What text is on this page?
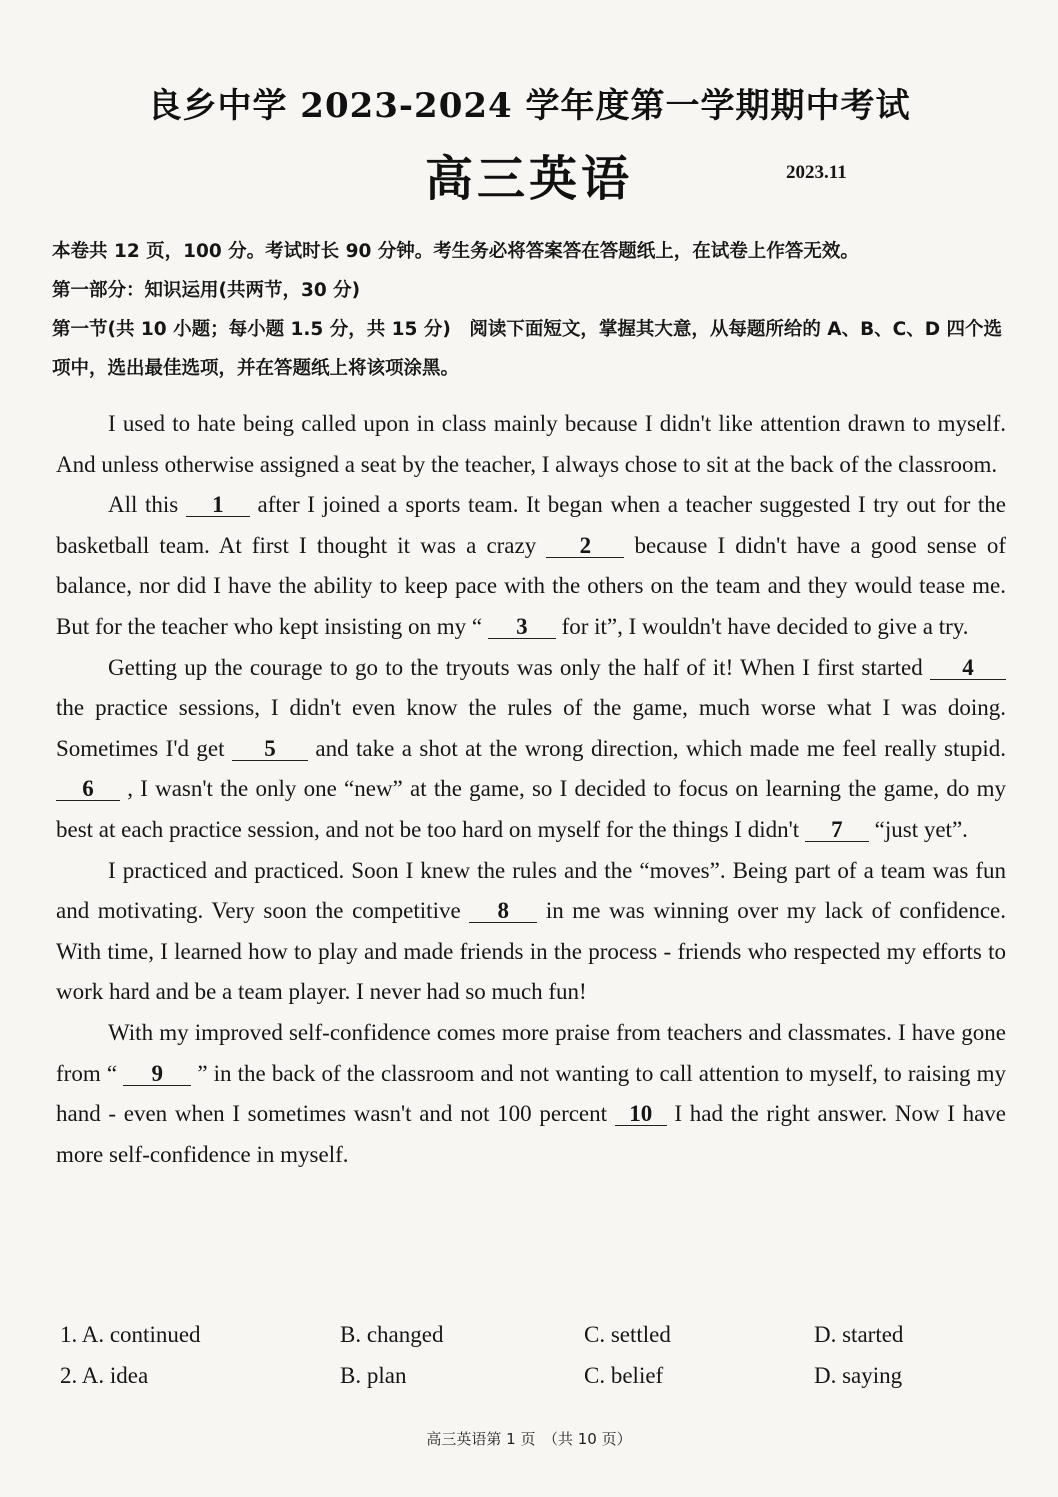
良乡中学 2023-2024 学年度第一学期期中考试
高三英语	2023.11

本卷共 12 页，100 分。考试时长 90 分钟。考生务必将答案答在答题纸上，在试卷上作答无效。

第一部分：知识运用(共两节，30 分)

第一节(共 10 小题；每小题 1.5 分，共 15 分)　阅读下面短文，掌握其大意，从每题所给的 A、B、C、D 四个选项中，选出最佳选项，并在答题纸上将该项涂黑。

I used to hate being called upon in class mainly because I didn't like attention drawn to myself. And unless otherwise assigned a seat by the teacher, I always chose to sit at the back of the classroom.

All this 1 after I joined a sports team. It began when a teacher suggested I try out for the basketball team. At first I thought it was a crazy 2 because I didn't have a good sense of balance, nor did I have the ability to keep pace with the others on the team and they would tease me. But for the teacher who kept insisting on my “ 3 for it”, I wouldn't have decided to give a try.

Getting up the courage to go to the tryouts was only the half of it! When I first started 4 the practice sessions, I didn't even know the rules of the game, much worse what I was doing. Sometimes I'd get 5 and take a shot at the wrong direction, which made me feel really stupid. 6 , I wasn't the only one “new” at the game, so I decided to focus on learning the game, do my best at each practice session, and not be too hard on myself for the things I didn't 7 “just yet”.

I practiced and practiced. Soon I knew the rules and the “moves”. Being part of a team was fun and motivating. Very soon the competitive 8 in me was winning over my lack of confidence. With time, I learned how to play and made friends in the process - friends who respected my efforts to work hard and be a team player. I never had so much fun!

With my improved self-confidence comes more praise from teachers and classmates. I have gone from “ 9 ” in the back of the classroom and not wanting to call attention to myself, to raising my hand - even when I sometimes wasn't and not 100 percent 10 I had the right answer. Now I have more self-confidence in myself.

1. A. continued	B. changed	C. settled	D. started
2. A. idea	B. plan	C. belief	D. saying
高三英语第 1 页　（共 10 页）
